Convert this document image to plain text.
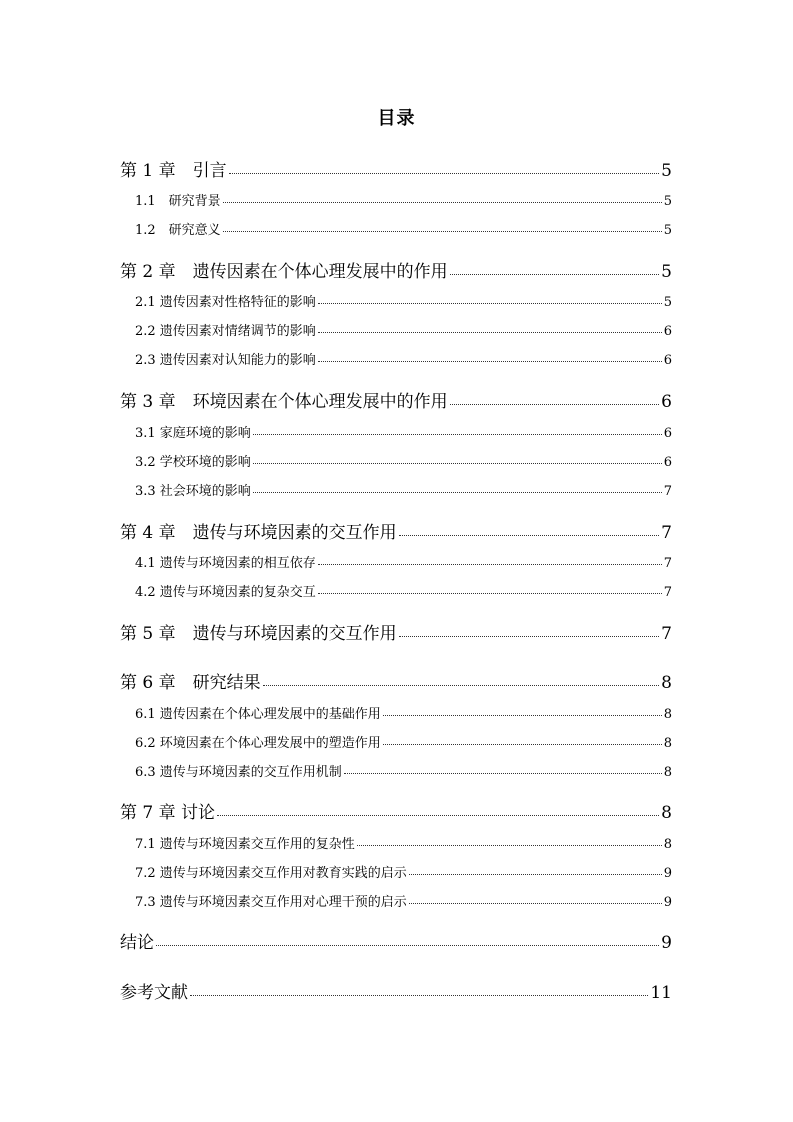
目录
第 1 章　引言	5
1.1　研究背景	5
1.2　研究意义	5
第 2 章　遗传因素在个体心理发展中的作用	5
2.1 遗传因素对性格特征的影响	5
2.2 遗传因素对情绪调节的影响	6
2.3 遗传因素对认知能力的影响	6
第 3 章　环境因素在个体心理发展中的作用	6
3.1 家庭环境的影响	6
3.2 学校环境的影响	6
3.3 社会环境的影响	7
第 4 章　遗传与环境因素的交互作用	7
4.1 遗传与环境因素的相互依存	7
4.2 遗传与环境因素的复杂交互	7
第 5 章　遗传与环境因素的交互作用	7
第 6 章　研究结果	8
6.1 遗传因素在个体心理发展中的基础作用	8
6.2 环境因素在个体心理发展中的塑造作用	8
6.3 遗传与环境因素的交互作用机制	8
第 7 章 讨论	8
7.1 遗传与环境因素交互作用的复杂性	8
7.2 遗传与环境因素交互作用对教育实践的启示	9
7.3 遗传与环境因素交互作用对心理干预的启示	9
结论	9
参考文献	11
